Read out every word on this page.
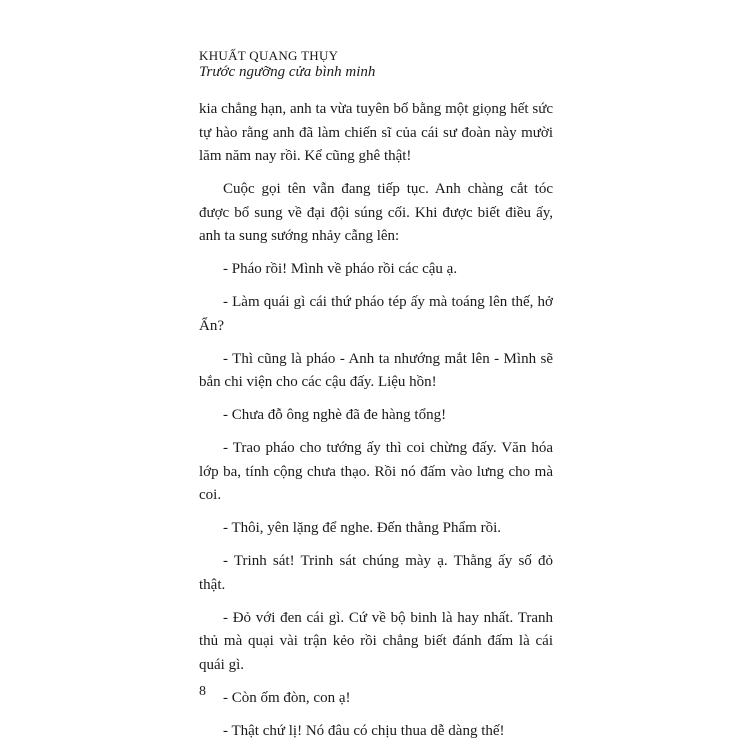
KHUẤT QUANG THỤY
Trước ngưỡng cửa bình minh

kia chẳng hạn, anh ta vừa tuyên bố bằng một giọng hết sức tự hào rằng anh đã làm chiến sĩ của cái sư đoàn này mười lăm năm nay rồi. Kể cũng ghê thật!

Cuộc gọi tên vẫn đang tiếp tục. Anh chàng cắt tóc được bổ sung về đại đội súng cối. Khi được biết điều ấy, anh ta sung sướng nhảy cẫng lên:

- Pháo rồi! Mình về pháo rồi các cậu ạ.

- Làm quái gì cái thứ pháo tép ấy mà toáng lên thế, hở Ẩn?

- Thì cũng là pháo - Anh ta nhướng mắt lên - Mình sẽ bắn chi viện cho các cậu đấy. Liệu hồn!

- Chưa đỗ ông nghè đã đe hàng tổng!

- Trao pháo cho tướng ấy thì coi chừng đấy. Văn hóa lớp ba, tính cộng chưa thạo. Rồi nó đấm vào lưng cho mà coi.

- Thôi, yên lặng để nghe. Đến thằng Phẩm rồi.

- Trinh sát! Trinh sát chúng mày ạ. Thằng ấy số đỏ thật.

- Đỏ với đen cái gì. Cứ về bộ binh là hay nhất. Tranh thủ mà quại vài trận kẻo rồi chẳng biết đánh đấm là cái quái gì.

- Còn ốm đòn, con ạ!

- Thật chứ lị! Nó đâu có chịu thua dễ dàng thế!

8
